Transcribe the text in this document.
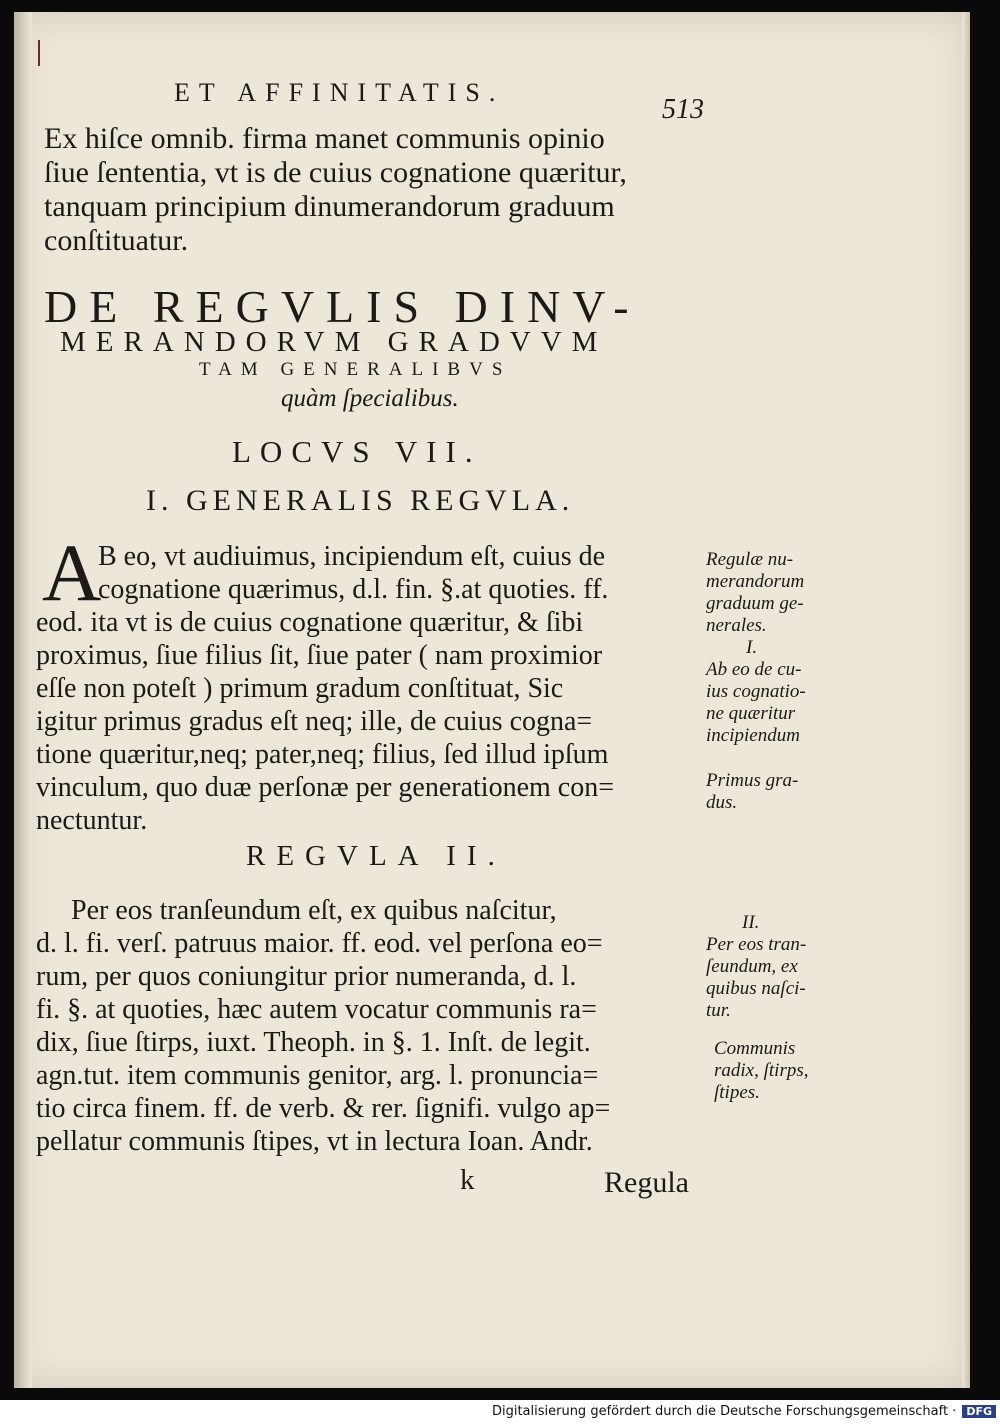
ET AFFINITATIS.
513
Ex hiſce omnib. firma manet communis opinio
ſiue ſententia, vt is de cuius cognatione quæritur,
tanquam principium dinumerandorum graduum
conſtituatur.
DE REGVLIS DINV-
MERANDORVM GRADVVM
TAM GENERALIBVS
quàm ſpecialibus.
LOCVS VII.
I. GENERALIS REGVLA.
A
B eo, vt audiuimus, incipiendum eſt, cuius de
cognatione quærimus, d.l. fin. §.at quoties. ff.
eod. ita vt is de cuius cognatione quæritur, & ſibi
proximus, ſiue filius ſit, ſiue pater ( nam proximior
eſſe non poteſt ) primum gradum conſtituat, Sic
igitur primus gradus eſt neq; ille, de cuius cogna=
tione quæritur,neq; pater,neq; filius, ſed illud ipſum
vinculum, quo duæ perſonæ per generationem con=
nectuntur.
REGVLA II.
Per eos tranſeundum eſt, ex quibus naſcitur,
d. l. fi. verſ. patruus maior. ff. eod. vel perſona eo=
rum, per quos coniungitur prior numeranda, d. l.
fi. §. at quoties, hæc autem vocatur communis ra=
dix, ſiue ſtirps, iuxt. Theoph. in §. 1. Inſt. de legit.
agn.tut. item communis genitor, arg. l. pronuncia=
tio circa finem. ff. de verb. & rer. ſignifi. vulgo ap=
pellatur communis ſtipes, vt in lectura Ioan. Andr.
k	Regula
Regulæ nu-
merandorum
graduum ge-
nerales.
I.
Ab eo de cu-
ius cognatio-
ne quæritur
incipiendum
Primus gra-
dus.
II.
Per eos tran-
ſeundum, ex
quibus naſci-
tur.
Communis
radix, ſtirps,
ſtipes.
Digitalisierung gefördert durch die Deutsche Forschungsgemeinschaft · DFG
